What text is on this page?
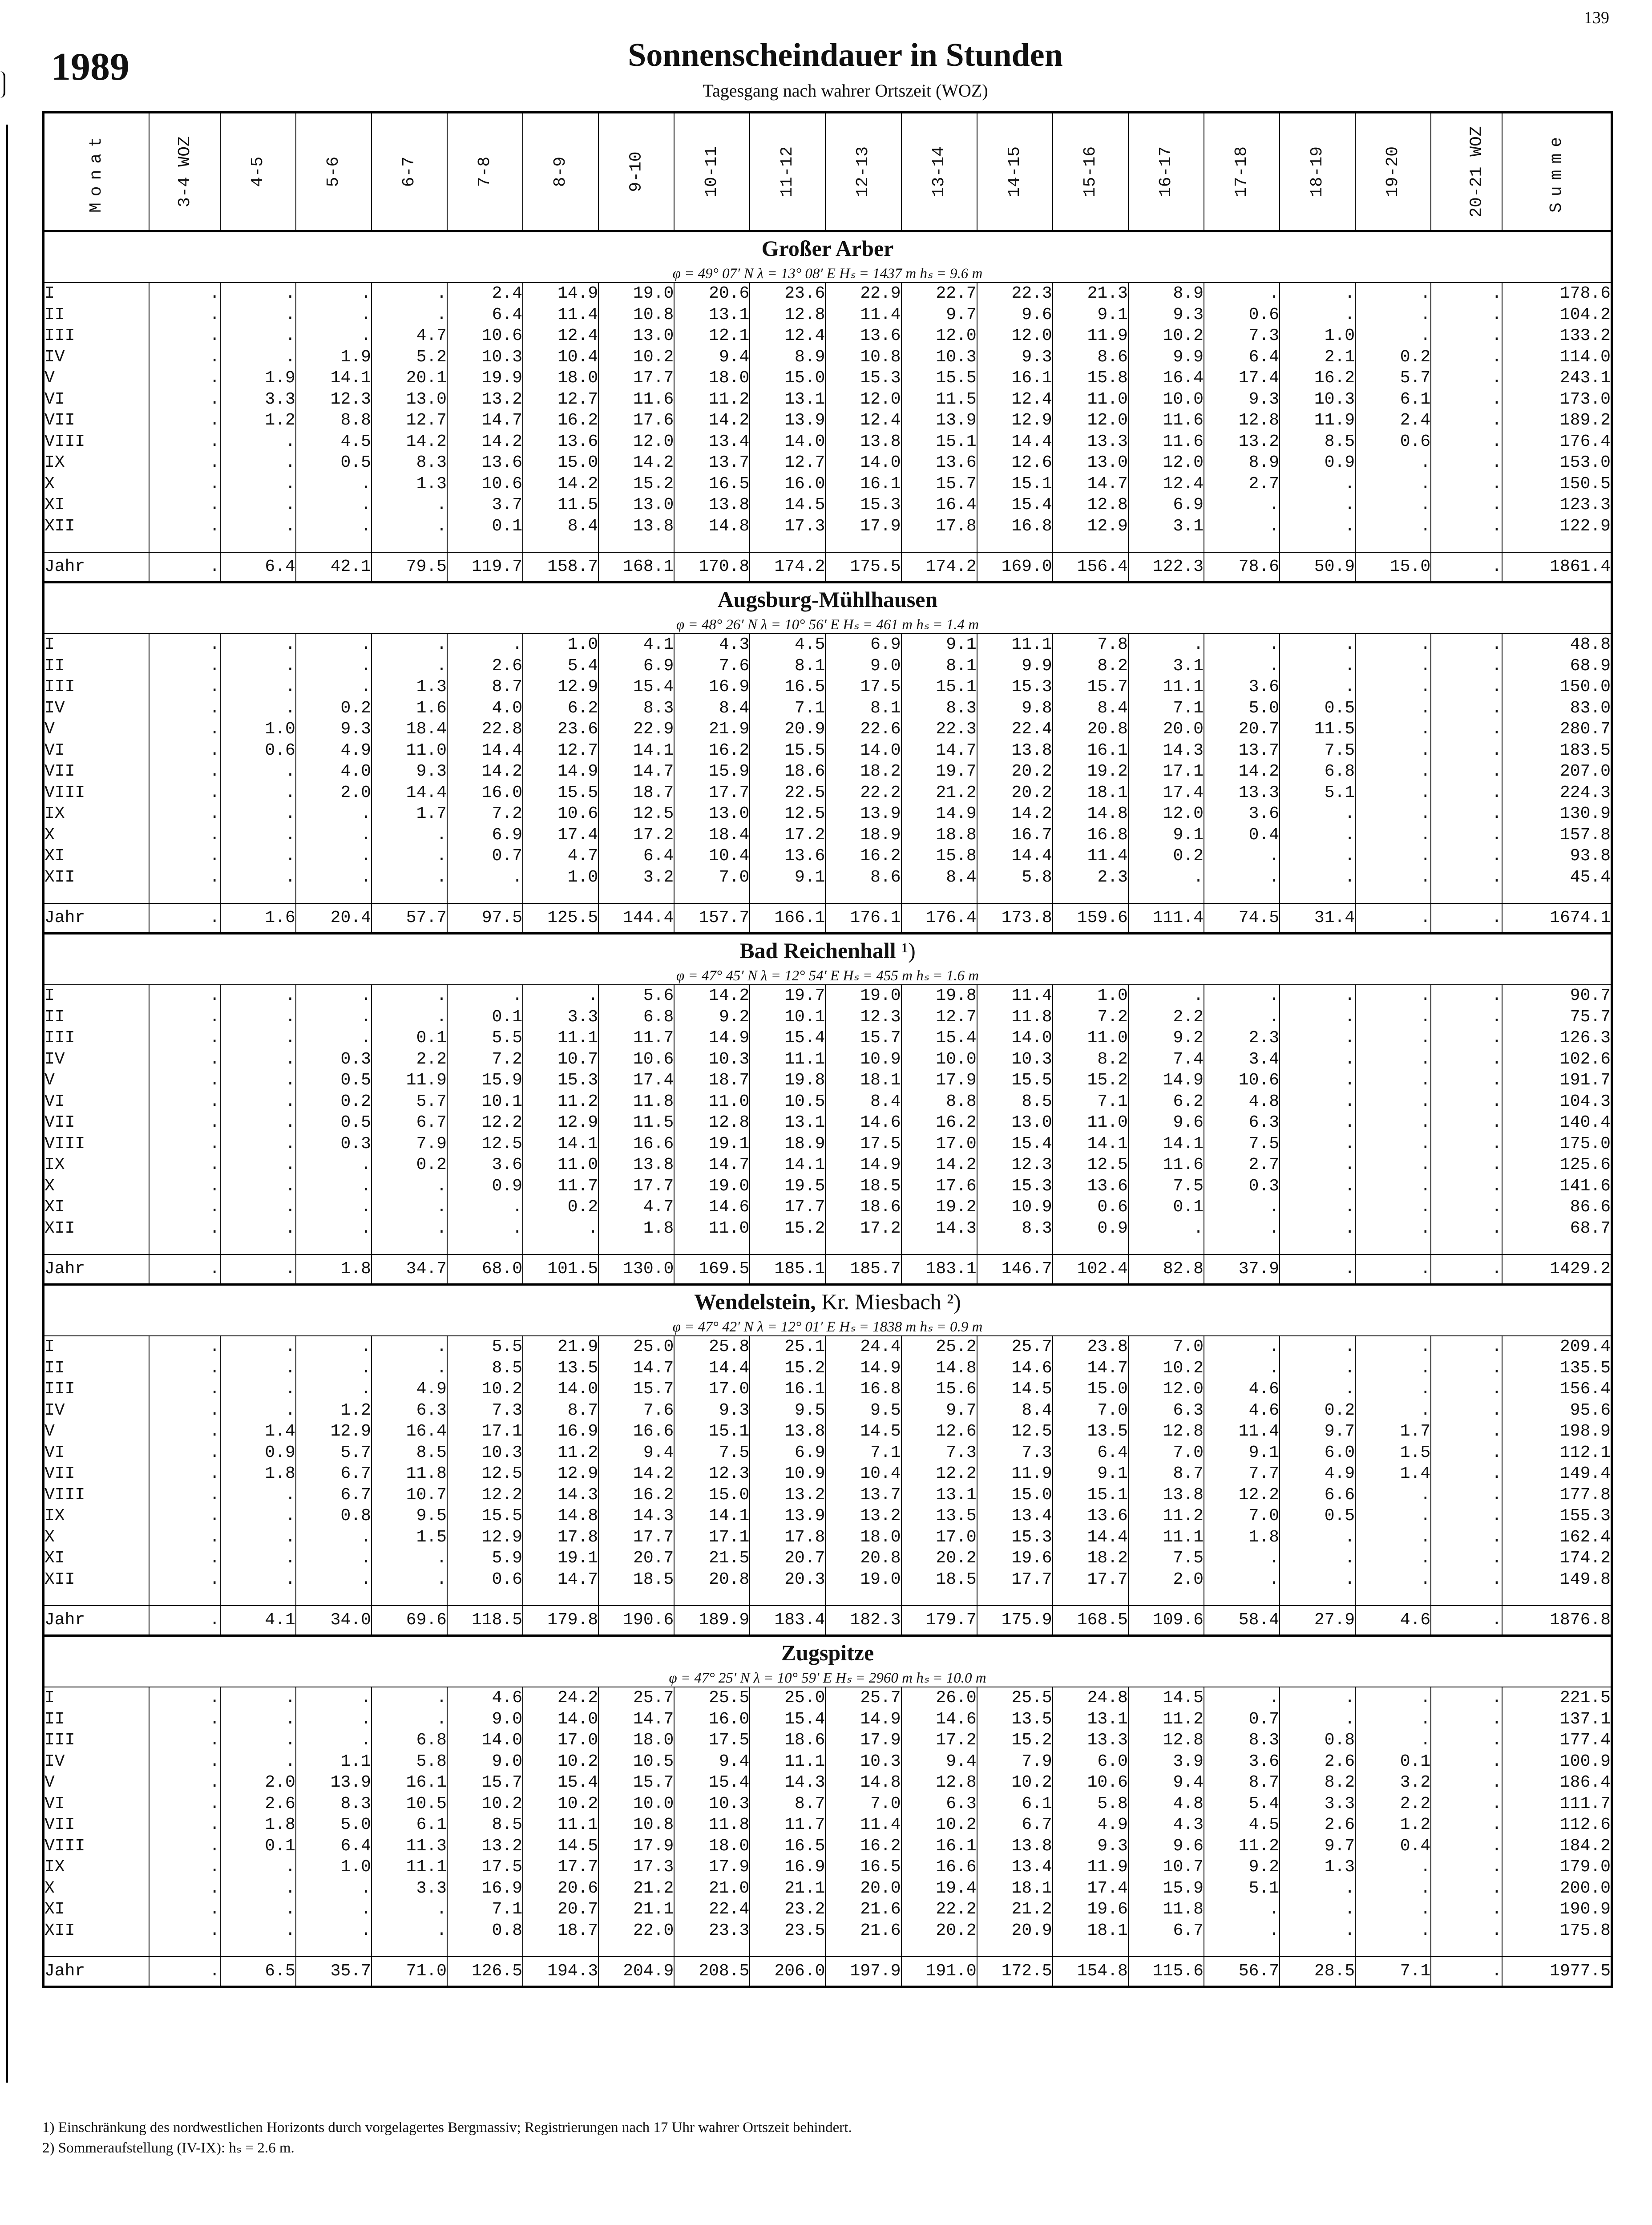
139
1989	Sonnenscheindauer in Stunden
Tagesgang nach wahrer Ortszeit (WOZ)
Monat	3-4 WOZ	4-5	5-6	6-7	7-8	8-9	9-10	10-11	11-12	12-13	13-14	14-15	15-16	16-17	17-18	18-19	19-20	20-21 WOZ	Summe
Großer Arber																			
φ = 49° 07′ N λ = 13° 08′ E Hₛ = 1437 m hₛ = 9.6 m																			
I	.	.	.	.	2.4	14.9	19.0	20.6	23.6	22.9	22.7	22.3	21.3	8.9	.	.	.	.	178.6
II	.	.	.	.	6.4	11.4	10.8	13.1	12.8	11.4	9.7	9.6	9.1	9.3	0.6	.	.	.	104.2
III	.	.	.	4.7	10.6	12.4	13.0	12.1	12.4	13.6	12.0	12.0	11.9	10.2	7.3	1.0	.	.	133.2
IV	.	.	1.9	5.2	10.3	10.4	10.2	9.4	8.9	10.8	10.3	9.3	8.6	9.9	6.4	2.1	0.2	.	114.0
V	.	1.9	14.1	20.1	19.9	18.0	17.7	18.0	15.0	15.3	15.5	16.1	15.8	16.4	17.4	16.2	5.7	.	243.1
VI	.	3.3	12.3	13.0	13.2	12.7	11.6	11.2	13.1	12.0	11.5	12.4	11.0	10.0	9.3	10.3	6.1	.	173.0
VII	.	1.2	8.8	12.7	14.7	16.2	17.6	14.2	13.9	12.4	13.9	12.9	12.0	11.6	12.8	11.9	2.4	.	189.2
VIII	.	.	4.5	14.2	14.2	13.6	12.0	13.4	14.0	13.8	15.1	14.4	13.3	11.6	13.2	8.5	0.6	.	176.4
IX	.	.	0.5	8.3	13.6	15.0	14.2	13.7	12.7	14.0	13.6	12.6	13.0	12.0	8.9	0.9	.	.	153.0
X	.	.	.	1.3	10.6	14.2	15.2	16.5	16.0	16.1	15.7	15.1	14.7	12.4	2.7	.	.	.	150.5
XI	.	.	.	.	3.7	11.5	13.0	13.8	14.5	15.3	16.4	15.4	12.8	6.9	.	.	.	.	123.3
XII	.	.	.	.	0.1	8.4	13.8	14.8	17.3	17.9	17.8	16.8	12.9	3.1	.	.	.	.	122.9

Jahr	.	6.4	42.1	79.5	119.7	158.7	168.1	170.8	174.2	175.5	174.2	169.0	156.4	122.3	78.6	50.9	15.0	.	1861.4
Augsburg-Mühlhausen																			
φ = 48° 26′ N λ = 10° 56′ E Hₛ = 461 m hₛ = 1.4 m																			
I	.	.	.	.	.	1.0	4.1	4.3	4.5	6.9	9.1	11.1	7.8	.	.	.	.	.	48.8
II	.	.	.	.	2.6	5.4	6.9	7.6	8.1	9.0	8.1	9.9	8.2	3.1	.	.	.	.	68.9
III	.	.	.	1.3	8.7	12.9	15.4	16.9	16.5	17.5	15.1	15.3	15.7	11.1	3.6	.	.	.	150.0
IV	.	.	0.2	1.6	4.0	6.2	8.3	8.4	7.1	8.1	8.3	9.8	8.4	7.1	5.0	0.5	.	.	83.0
V	.	1.0	9.3	18.4	22.8	23.6	22.9	21.9	20.9	22.6	22.3	22.4	20.8	20.0	20.7	11.5	.	.	280.7
VI	.	0.6	4.9	11.0	14.4	12.7	14.1	16.2	15.5	14.0	14.7	13.8	16.1	14.3	13.7	7.5	.	.	183.5
VII	.	.	4.0	9.3	14.2	14.9	14.7	15.9	18.6	18.2	19.7	20.2	19.2	17.1	14.2	6.8	.	.	207.0
VIII	.	.	2.0	14.4	16.0	15.5	18.7	17.7	22.5	22.2	21.2	20.2	18.1	17.4	13.3	5.1	.	.	224.3
IX	.	.	.	1.7	7.2	10.6	12.5	13.0	12.5	13.9	14.9	14.2	14.8	12.0	3.6	.	.	.	130.9
X	.	.	.	.	6.9	17.4	17.2	18.4	17.2	18.9	18.8	16.7	16.8	9.1	0.4	.	.	.	157.8
XI	.	.	.	.	0.7	4.7	6.4	10.4	13.6	16.2	15.8	14.4	11.4	0.2	.	.	.	.	93.8
XII	.	.	.	.	.	1.0	3.2	7.0	9.1	8.6	8.4	5.8	2.3	.	.	.	.	.	45.4

Jahr	.	1.6	20.4	57.7	97.5	125.5	144.4	157.7	166.1	176.1	176.4	173.8	159.6	111.4	74.5	31.4	.	.	1674.1
Bad Reichenhall ¹)																			
φ = 47° 45′ N λ = 12° 54′ E Hₛ = 455 m hₛ = 1.6 m																			
I	.	.	.	.	.	.	5.6	14.2	19.7	19.0	19.8	11.4	1.0	.	.	.	.	.	90.7
II	.	.	.	.	0.1	3.3	6.8	9.2	10.1	12.3	12.7	11.8	7.2	2.2	.	.	.	.	75.7
III	.	.	.	0.1	5.5	11.1	11.7	14.9	15.4	15.7	15.4	14.0	11.0	9.2	2.3	.	.	.	126.3
IV	.	.	0.3	2.2	7.2	10.7	10.6	10.3	11.1	10.9	10.0	10.3	8.2	7.4	3.4	.	.	.	102.6
V	.	.	0.5	11.9	15.9	15.3	17.4	18.7	19.8	18.1	17.9	15.5	15.2	14.9	10.6	.	.	.	191.7
VI	.	.	0.2	5.7	10.1	11.2	11.8	11.0	10.5	8.4	8.8	8.5	7.1	6.2	4.8	.	.	.	104.3
VII	.	.	0.5	6.7	12.2	12.9	11.5	12.8	13.1	14.6	16.2	13.0	11.0	9.6	6.3	.	.	.	140.4
VIII	.	.	0.3	7.9	12.5	14.1	16.6	19.1	18.9	17.5	17.0	15.4	14.1	14.1	7.5	.	.	.	175.0
IX	.	.	.	0.2	3.6	11.0	13.8	14.7	14.1	14.9	14.2	12.3	12.5	11.6	2.7	.	.	.	125.6
X	.	.	.	.	0.9	11.7	17.7	19.0	19.5	18.5	17.6	15.3	13.6	7.5	0.3	.	.	.	141.6
XI	.	.	.	.	.	0.2	4.7	14.6	17.7	18.6	19.2	10.9	0.6	0.1	.	.	.	.	86.6
XII	.	.	.	.	.	.	1.8	11.0	15.2	17.2	14.3	8.3	0.9	.	.	.	.	.	68.7

Jahr	.	.	1.8	34.7	68.0	101.5	130.0	169.5	185.1	185.7	183.1	146.7	102.4	82.8	37.9	.	.	.	1429.2
Wendelstein, Kr. Miesbach ²)																			
φ = 47° 42′ N λ = 12° 01′ E Hₛ = 1838 m hₛ = 0.9 m																			
I	.	.	.	.	5.5	21.9	25.0	25.8	25.1	24.4	25.2	25.7	23.8	7.0	.	.	.	.	209.4
II	.	.	.	.	8.5	13.5	14.7	14.4	15.2	14.9	14.8	14.6	14.7	10.2	.	.	.	.	135.5
III	.	.	.	4.9	10.2	14.0	15.7	17.0	16.1	16.8	15.6	14.5	15.0	12.0	4.6	.	.	.	156.4
IV	.	.	1.2	6.3	7.3	8.7	7.6	9.3	9.5	9.5	9.7	8.4	7.0	6.3	4.6	0.2	.	.	95.6
V	.	1.4	12.9	16.4	17.1	16.9	16.6	15.1	13.8	14.5	12.6	12.5	13.5	12.8	11.4	9.7	1.7	.	198.9
VI	.	0.9	5.7	8.5	10.3	11.2	9.4	7.5	6.9	7.1	7.3	7.3	6.4	7.0	9.1	6.0	1.5	.	112.1
VII	.	1.8	6.7	11.8	12.5	12.9	14.2	12.3	10.9	10.4	12.2	11.9	9.1	8.7	7.7	4.9	1.4	.	149.4
VIII	.	.	6.7	10.7	12.2	14.3	16.2	15.0	13.2	13.7	13.1	15.0	15.1	13.8	12.2	6.6	.	.	177.8
IX	.	.	0.8	9.5	15.5	14.8	14.3	14.1	13.9	13.2	13.5	13.4	13.6	11.2	7.0	0.5	.	.	155.3
X	.	.	.	1.5	12.9	17.8	17.7	17.1	17.8	18.0	17.0	15.3	14.4	11.1	1.8	.	.	.	162.4
XI	.	.	.	.	5.9	19.1	20.7	21.5	20.7	20.8	20.2	19.6	18.2	7.5	.	.	.	.	174.2
XII	.	.	.	.	0.6	14.7	18.5	20.8	20.3	19.0	18.5	17.7	17.7	2.0	.	.	.	.	149.8

Jahr	.	4.1	34.0	69.6	118.5	179.8	190.6	189.9	183.4	182.3	179.7	175.9	168.5	109.6	58.4	27.9	4.6	.	1876.8
Zugspitze																			
φ = 47° 25′ N λ = 10° 59′ E Hₛ = 2960 m hₛ = 10.0 m																			
I	.	.	.	.	4.6	24.2	25.7	25.5	25.0	25.7	26.0	25.5	24.8	14.5	.	.	.	.	221.5
II	.	.	.	.	9.0	14.0	14.7	16.0	15.4	14.9	14.6	13.5	13.1	11.2	0.7	.	.	.	137.1
III	.	.	.	6.8	14.0	17.0	18.0	17.5	18.6	17.9	17.2	15.2	13.3	12.8	8.3	0.8	.	.	177.4
IV	.	.	1.1	5.8	9.0	10.2	10.5	9.4	11.1	10.3	9.4	7.9	6.0	3.9	3.6	2.6	0.1	.	100.9
V	.	2.0	13.9	16.1	15.7	15.4	15.7	15.4	14.3	14.8	12.8	10.2	10.6	9.4	8.7	8.2	3.2	.	186.4
VI	.	2.6	8.3	10.5	10.2	10.2	10.0	10.3	8.7	7.0	6.3	6.1	5.8	4.8	5.4	3.3	2.2	.	111.7
VII	.	1.8	5.0	6.1	8.5	11.1	10.8	11.8	11.7	11.4	10.2	6.7	4.9	4.3	4.5	2.6	1.2	.	112.6
VIII	.	0.1	6.4	11.3	13.2	14.5	17.9	18.0	16.5	16.2	16.1	13.8	9.3	9.6	11.2	9.7	0.4	.	184.2
IX	.	.	1.0	11.1	17.5	17.7	17.3	17.9	16.9	16.5	16.6	13.4	11.9	10.7	9.2	1.3	.	.	179.0
X	.	.	.	3.3	16.9	20.6	21.2	21.0	21.1	20.0	19.4	18.1	17.4	15.9	5.1	.	.	.	200.0
XI	.	.	.	.	7.1	20.7	21.1	22.4	23.2	21.6	22.2	21.2	19.6	11.8	.	.	.	.	190.9
XII	.	.	.	.	0.8	18.7	22.0	23.3	23.5	21.6	20.2	20.9	18.1	6.7	.	.	.	.	175.8

Jahr	.	6.5	35.7	71.0	126.5	194.3	204.9	208.5	206.0	197.9	191.0	172.5	154.8	115.6	56.7	28.5	7.1	.	1977.5
1) Einschränkung des nordwestlichen Horizonts durch vorgelagertes Bergmassiv; Registrierungen nach 17 Uhr wahrer Ortszeit behindert.
2) Sommeraufstellung (IV-IX): hₛ = 2.6 m.
